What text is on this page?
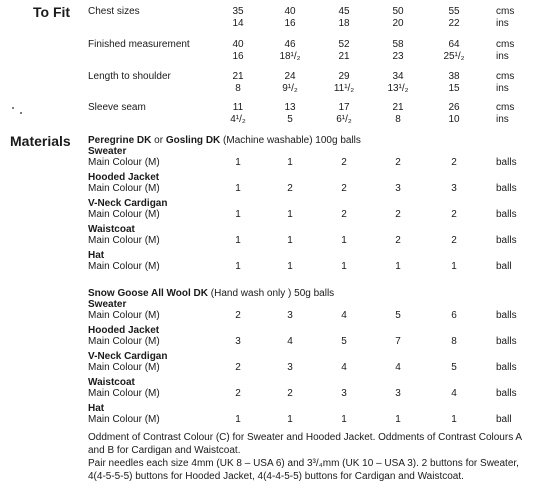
To Fit Chest sizes	35	40	45	50	55	cms
14	16	18	20	22	ins
Finished measurement	40	46	52	58	64	cms
16	18¹/₂	21	23	25¹/₂	ins
Length to shoulder	21	24	29	34	38	cms
8	9¹/₂	11¹/₂	13¹/₂	15	ins
Sleeve seam	11	13	17	21	26	cms
4¹/₂	5	6¹/₂	8	10	ins
Materials Peregrine DK or Gosling DK (Machine washable) 100g balls
Sweater
Main Colour (M)	1	1	2	2	2	balls
Hooded Jacket
Main Colour (M)	1	2	2	3	3	balls
V-Neck Cardigan
Main Colour (M)	1	1	2	2	2	balls
Waistcoat
Main Colour (M)	1	1	1	2	2	balls
Hat
Main Colour (M)	1	1	1	1	1	ball
Snow Goose All Wool DK (Hand wash only ) 50g balls
Sweater
Main Colour (M)	2	3	4	5	6	balls
Hooded Jacket
Main Colour (M)	3	4	5	7	8	balls
V-Neck Cardigan
Main Colour (M)	2	3	4	4	5	balls
Waistcoat
Main Colour (M)	2	2	3	3	4	balls
Hat
Main Colour (M)	1	1	1	1	1	ball
Oddment of Contrast Colour (C) for Sweater and Hooded Jacket. Oddments of Contrast Colours A and B for Cardigan and Waistcoat.
Pair needles each size 4mm (UK 8 – USA 6) and 3³/₄mm (UK 10 – USA 3). 2 buttons for Sweater, 4(4-5-5-5) buttons for Hooded Jacket, 4(4-4-5-5) buttons for Cardigan and Waistcoat.
